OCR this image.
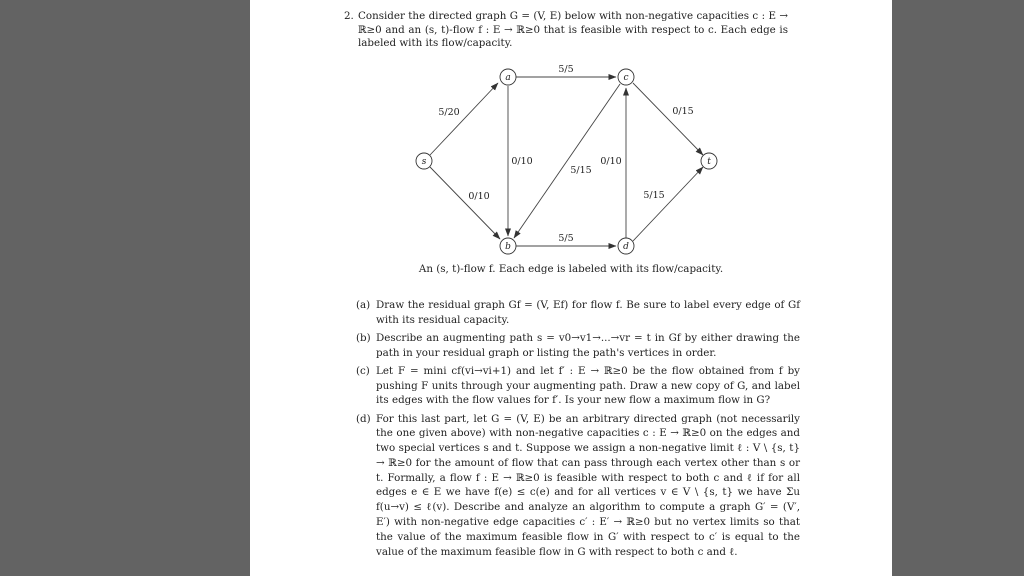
2. Consider the directed graph G = (V, E) below with non-negative capacities c : E → ℝ≥0 and an (s, t)-flow f : E → ℝ≥0 that is feasible with respect to c. Each edge is labeled with its flow/capacity.
s
a
b
c
d
t
5/20
0/10
0/10
5/5
5/15
0/10
0/15
5/5
5/15
An (s, t)-flow f. Each edge is labeled with its flow/capacity.
(a) Draw the residual graph Gf = (V, Ef) for flow f. Be sure to label every edge of Gf with its residual capacity.
(b) Describe an augmenting path s = v0→v1→...→vr = t in Gf by either drawing the path in your residual graph or listing the path's vertices in order.
(c) Let F = mini cf(vi→vi+1) and let f′ : E → ℝ≥0 be the flow obtained from f by pushing F units through your augmenting path. Draw a new copy of G, and label its edges with the flow values for f′. Is your new flow a maximum flow in G?
(d) For this last part, let G = (V, E) be an arbitrary directed graph (not necessarily the one given above) with non-negative capacities c : E → ℝ≥0 on the edges and two special vertices s and t. Suppose we assign a non-negative limit ℓ : V \ {s, t} → ℝ≥0 for the amount of flow that can pass through each vertex other than s or t. Formally, a flow f : E → ℝ≥0 is feasible with respect to both c and ℓ if for all edges e ∈ E we have f(e) ≤ c(e) and for all vertices v ∈ V \ {s, t} we have Σu f(u→v) ≤ ℓ(v). Describe and analyze an algorithm to compute a graph G′ = (V′, E′) with non-negative edge capacities c′ : E′ → ℝ≥0 but no vertex limits so that the value of the maximum feasible flow in G′ with respect to c′ is equal to the value of the maximum feasible flow in G with respect to both c and ℓ.
